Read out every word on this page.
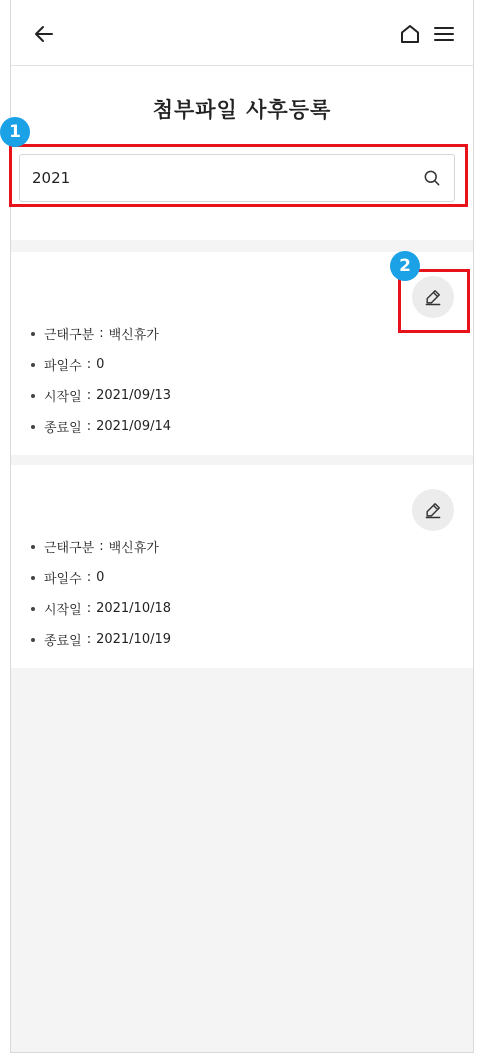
첨부파일 사후등록
2021
근태구분 : 백신휴가
파일수 : 0
시작일 : 2021/09/13
종료일 : 2021/09/14
근태구분 : 백신휴가
파일수 : 0
시작일 : 2021/10/18
종료일 : 2021/10/19
1
2
